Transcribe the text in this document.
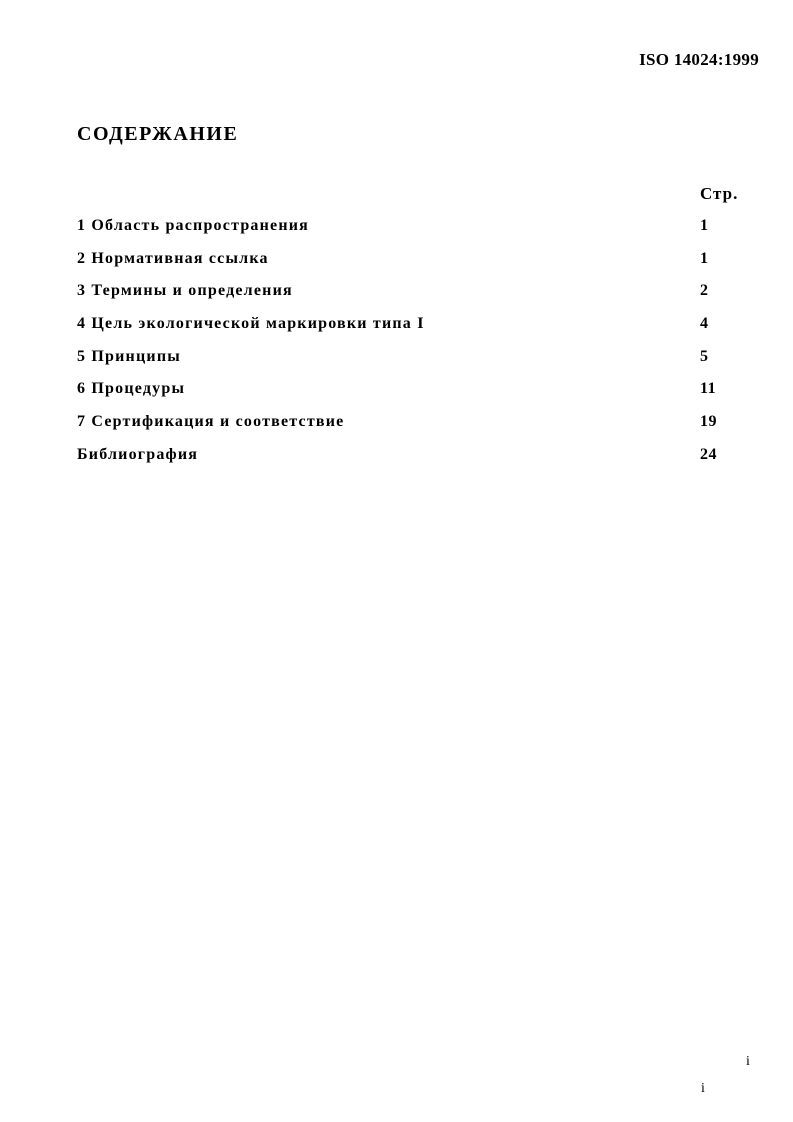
ISO 14024:1999
СОДЕРЖАНИЕ
Стр.
1 Область распространения	1
2 Нормативная ссылка	1
3 Термины и определения	2
4 Цель экологической маркировки типа I	4
5 Принципы	5
6 Процедуры	11
7 Сертификация и соответствие	19
Библиография	24
i
i
